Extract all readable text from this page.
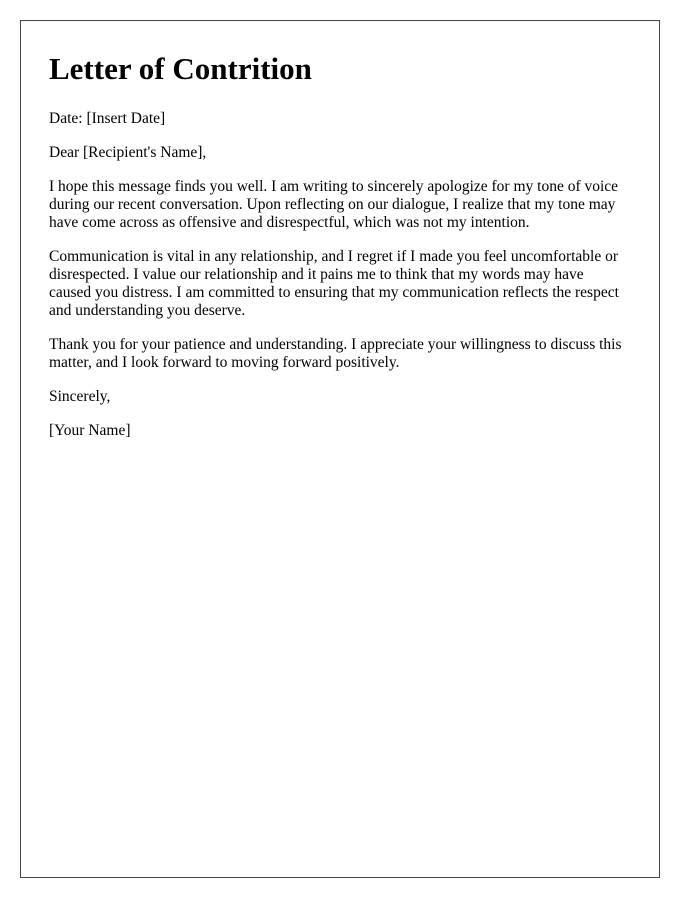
Letter of Contrition

Date: [Insert Date]

Dear [Recipient's Name],

I hope this message finds you well. I am writing to sincerely apologize for my tone of voice during our recent conversation. Upon reflecting on our dialogue, I realize that my tone may have come across as offensive and disrespectful, which was not my intention.

Communication is vital in any relationship, and I regret if I made you feel uncomfortable or disrespected. I value our relationship and it pains me to think that my words may have caused you distress. I am committed to ensuring that my communication reflects the respect and understanding you deserve.

Thank you for your patience and understanding. I appreciate your willingness to discuss this matter, and I look forward to moving forward positively.

Sincerely,

[Your Name]
